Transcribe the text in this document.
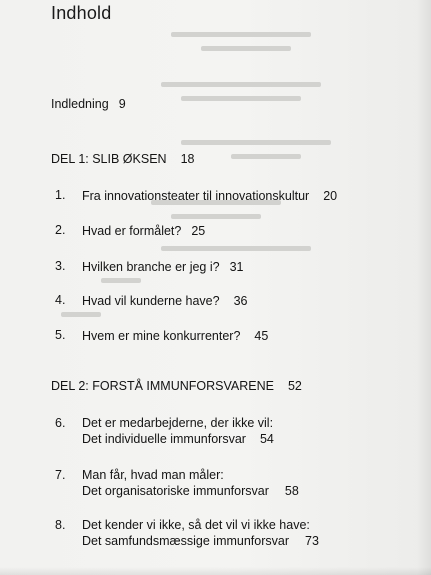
Indhold
Indledning 9
DEL 1: SLIB ØKSEN 18
1. Fra innovationsteater til innovationskultur 20
2. Hvad er formålet? 25
3. Hvilken branche er jeg i? 31
4. Hvad vil kunderne have? 36
5. Hvem er mine konkurrenter? 45
DEL 2: FORSTÅ IMMUNFORSVARENE 52
6. Det er medarbejderne, der ikke vil:
Det individuelle immunforsvar 54
7. Man får, hvad man måler:
Det organisatoriske immunforsvar 58
8. Det kender vi ikke, så det vil vi ikke have:
Det samfundsmæssige immunforsvar 73
